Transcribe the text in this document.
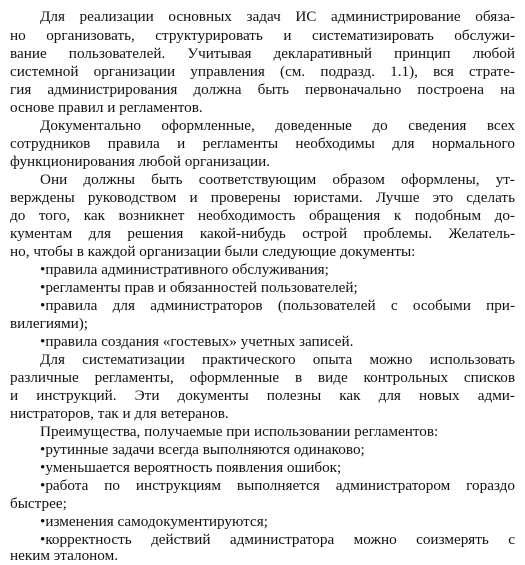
Для реализации основных задач ИС администрирование обяза-
но организовать, структурировать и систематизировать обслужи-
вание пользователей. Учитывая декларативный принцип любой
системной организации управления (см. подразд. 1.1), вся страте-
гия администрирования должна быть первоначально построена на
основе правил и регламентов.
Документально оформленные, доведенные до сведения всех
сотрудников правила и регламенты необходимы для нормального
функционирования любой организации.
Они должны быть соответствующим образом оформлены, ут-
верждены руководством и проверены юристами. Лучше это сделать
до того, как возникнет необходимость обращения к подобным до-
кументам для решения какой-нибудь острой проблемы. Желатель-
но, чтобы в каждой организации были следующие документы:
•правила административного обслуживания;
•регламенты прав и обязанностей пользователей;
•правила для администраторов (пользователей с особыми при-
вилегиями);
•правила создания «гостевых» учетных записей.
Для систематизации практического опыта можно использовать
различные регламенты, оформленные в виде контрольных списков
и инструкций. Эти документы полезны как для новых адми-
нистраторов, так и для ветеранов.
Преимущества, получаемые при использовании регламентов:
•рутинные задачи всегда выполняются одинаково;
•уменьшается вероятность появления ошибок;
•работа по инструкциям выполняется администратором гораздо
быстрее;
•изменения самодокументируются;
•корректность действий администратора можно соизмерять с
неким эталоном.
